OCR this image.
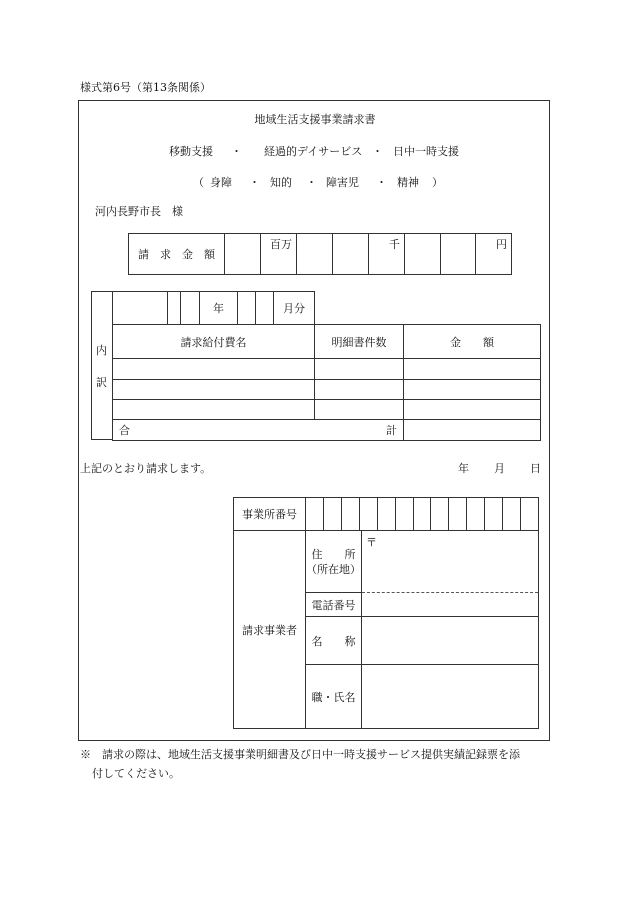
様式第6号（第13条関係）
地域生活支援事業請求書
移動支援 ・ 経過的デイサービス ・ 日中一時支援
（ 身障 ・ 知的 ・ 障害児 ・ 精神 ）
河内長野市長　様
請　求　金　額		百万			千			円
内
訳
			年			月分
請求給付費名	明細書件数	金　　額

合 計		

上記のとおり請求します。	年 月 日
事業所番号													
請求事業者	住　　所
（所在地）	〒
	電話番号	
	名　　称	
	職・氏名	
※　請求の際は、地域生活支援事業明細書及び日中一時支援サービス提供実績記録票を添
付してください。
